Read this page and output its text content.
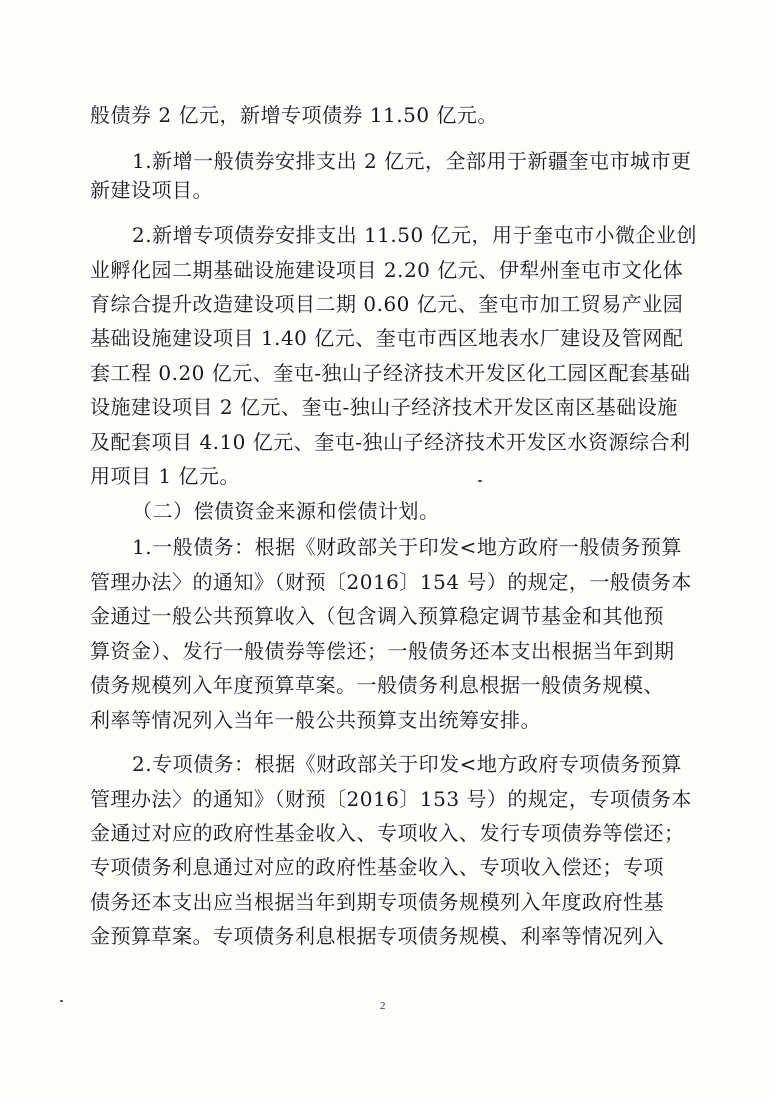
般债券 2 亿元，新增专项债券 11.50 亿元。
1.新增一般债券安排支出 2 亿元，全部用于新疆奎屯市城市更
新建设项目。
2.新增专项债券安排支出 11.50 亿元，用于奎屯市小微企业创
业孵化园二期基础设施建设项目 2.20 亿元、伊犁州奎屯市文化体
育综合提升改造建设项目二期 0.60 亿元、奎屯市加工贸易产业园
基础设施建设项目 1.40 亿元、奎屯市西区地表水厂建设及管网配
套工程 0.20 亿元、奎屯-独山子经济技术开发区化工园区配套基础
设施建设项目 2 亿元、奎屯-独山子经济技术开发区南区基础设施
及配套项目 4.10 亿元、奎屯-独山子经济技术开发区水资源综合利
用项目 1 亿元。
（二）偿债资金来源和偿债计划。
1.一般债务：根据《财政部关于印发<地方政府一般债务预算
管理办法〉的通知》（财预〔2016〕154 号）的规定，一般债务本
金通过一般公共预算收入（包含调入预算稳定调节基金和其他预
算资金）、发行一般债券等偿还；一般债务还本支出根据当年到期
债务规模列入年度预算草案。一般债务利息根据一般债务规模、
利率等情况列入当年一般公共预算支出统筹安排。
2.专项债务：根据《财政部关于印发<地方政府专项债务预算
管理办法〉的通知》（财预〔2016〕153 号）的规定，专项债务本
金通过对应的政府性基金收入、专项收入、发行专项债券等偿还；
专项债务利息通过对应的政府性基金收入、专项收入偿还；专项
债务还本支出应当根据当年到期专项债务规模列入年度政府性基
金预算草案。专项债务利息根据专项债务规模、利率等情况列入
2
